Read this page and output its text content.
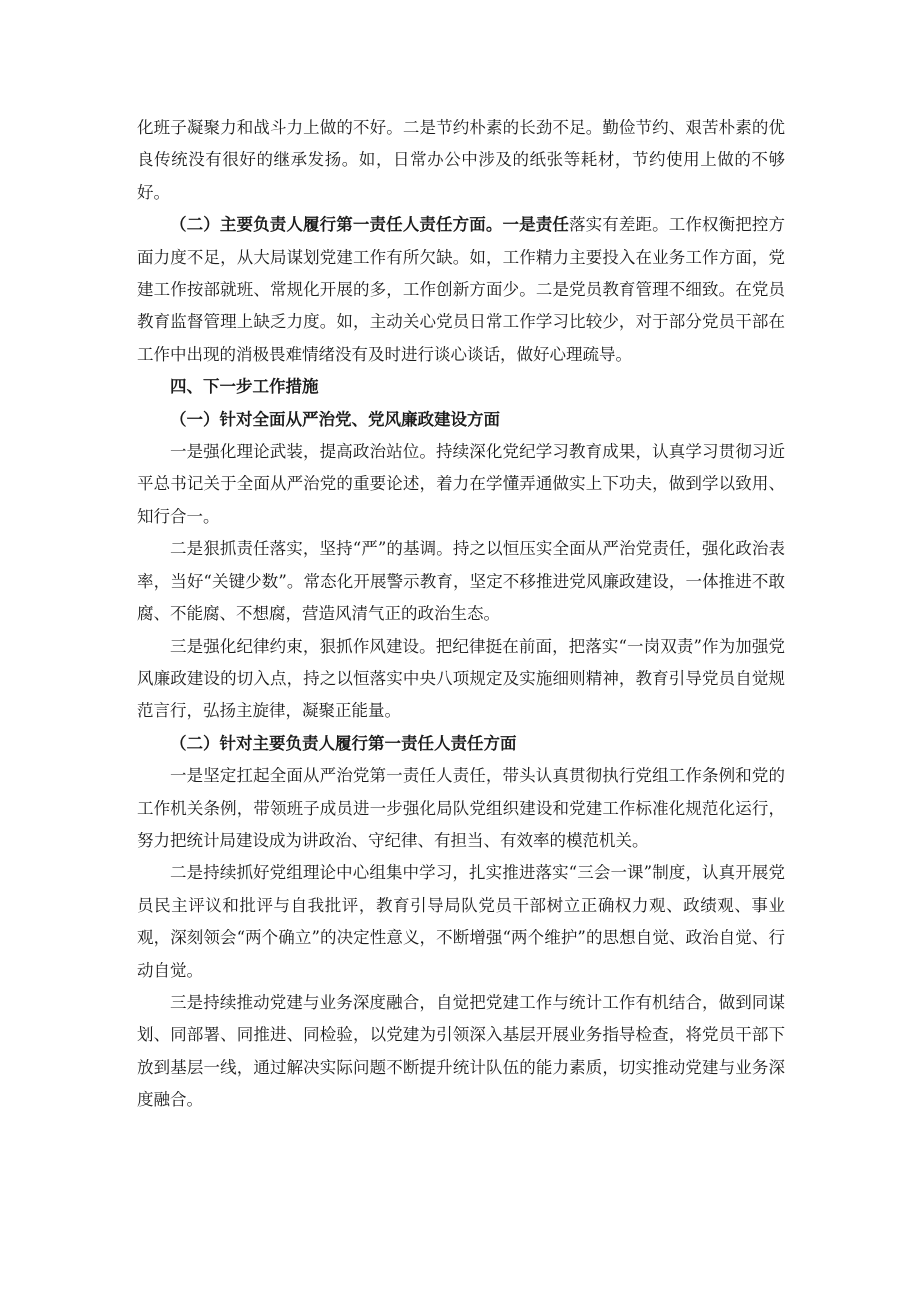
化班子凝聚力和战斗力上做的不好。二是节约朴素的长劲不足。勤俭节约、艰苦朴素的优良传统没有很好的继承发扬。如，日常办公中涉及的纸张等耗材，节约使用上做的不够好。

（二）主要负责人履行第一责任人责任方面。一是责任落实有差距。工作权衡把控方面力度不足，从大局谋划党建工作有所欠缺。如，工作精力主要投入在业务工作方面，党建工作按部就班、常规化开展的多，工作创新方面少。二是党员教育管理不细致。在党员教育监督管理上缺乏力度。如，主动关心党员日常工作学习比较少，对于部分党员干部在工作中出现的消极畏难情绪没有及时进行谈心谈话，做好心理疏导。

四、下一步工作措施

（一）针对全面从严治党、党风廉政建设方面

一是强化理论武装，提高政治站位。持续深化党纪学习教育成果，认真学习贯彻习近平总书记关于全面从严治党的重要论述，着力在学懂弄通做实上下功夫，做到学以致用、知行合一。

二是狠抓责任落实，坚持“严”的基调。持之以恒压实全面从严治党责任，强化政治表率，当好“关键少数”。常态化开展警示教育，坚定不移推进党风廉政建设，一体推进不敢腐、不能腐、不想腐，营造风清气正的政治生态。

三是强化纪律约束，狠抓作风建设。把纪律挺在前面，把落实“一岗双责”作为加强党风廉政建设的切入点，持之以恒落实中央八项规定及实施细则精神，教育引导党员自觉规范言行，弘扬主旋律，凝聚正能量。

（二）针对主要负责人履行第一责任人责任方面

一是坚定扛起全面从严治党第一责任人责任，带头认真贯彻执行党组工作条例和党的工作机关条例，带领班子成员进一步强化局队党组织建设和党建工作标准化规范化运行，努力把统计局建设成为讲政治、守纪律、有担当、有效率的模范机关。

二是持续抓好党组理论中心组集中学习，扎实推进落实“三会一课”制度，认真开展党员民主评议和批评与自我批评，教育引导局队党员干部树立正确权力观、政绩观、事业观，深刻领会“两个确立”的决定性意义，不断增强“两个维护”的思想自觉、政治自觉、行动自觉。

三是持续推动党建与业务深度融合，自觉把党建工作与统计工作有机结合，做到同谋划、同部署、同推进、同检验，以党建为引领深入基层开展业务指导检查，将党员干部下放到基层一线，通过解决实际问题不断提升统计队伍的能力素质，切实推动党建与业务深度融合。
